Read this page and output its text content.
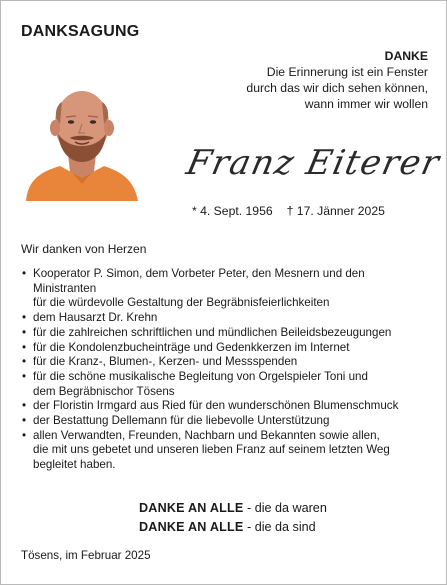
DANKSAGUNG
DANKE
Die Erinnerung ist ein Fenster
durch das wir dich sehen können,
wann immer wir wollen
Franz Eiterer
* 4. Sept. 1956 † 17. Jänner 2025
Wir danken von Herzen
• Kooperator P. Simon, dem Vorbeter Peter, den Mesnern und den Ministranten
für die würdevolle Gestaltung der Begräbnisfeierlichkeiten
• dem Hausarzt Dr. Krehn
• für die zahlreichen schriftlichen und mündlichen Beileidsbezeugungen
• für die Kondolenzbucheinträge und Gedenkkerzen im Internet
• für die Kranz-, Blumen-, Kerzen- und Messspenden
• für die schöne musikalische Begleitung von Orgelspieler Toni und
dem Begräbnischor Tösens
• der Floristin Irmgard aus Ried für den wunderschönen Blumenschmuck
• der Bestattung Dellemann für die liebevolle Unterstützung
• allen Verwandten, Freunden, Nachbarn und Bekannten sowie allen,
die mit uns gebetet und unseren lieben Franz auf seinem letzten Weg
begleitet haben.
DANKE AN ALLE - die da waren
DANKE AN ALLE - die da sind
Tösens, im Februar 2025
